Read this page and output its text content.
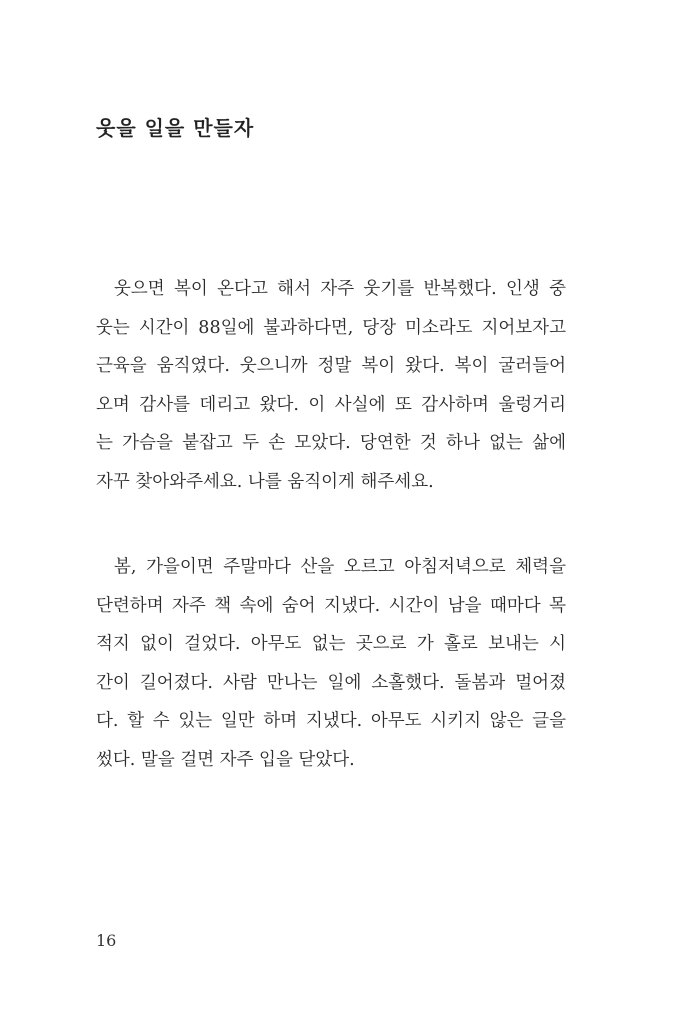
웃을 일을 만들자
웃으면 복이 온다고 해서 자주 웃기를 반복했다. 인생 중
웃는 시간이 88일에 불과하다면, 당장 미소라도 지어보자고
근육을 움직였다. 웃으니까 정말 복이 왔다. 복이 굴러들어
오며 감사를 데리고 왔다. 이 사실에 또 감사하며 울렁거리
는 가슴을 붙잡고 두 손 모았다. 당연한 것 하나 없는 삶에
자꾸 찾아와주세요. 나를 움직이게 해주세요.
봄, 가을이면 주말마다 산을 오르고 아침저녁으로 체력을
단련하며 자주 책 속에 숨어 지냈다. 시간이 남을 때마다 목
적지 없이 걸었다. 아무도 없는 곳으로 가 홀로 보내는 시
간이 길어졌다. 사람 만나는 일에 소홀했다. 돌봄과 멀어졌
다. 할 수 있는 일만 하며 지냈다. 아무도 시키지 않은 글을
썼다. 말을 걸면 자주 입을 닫았다.
16
